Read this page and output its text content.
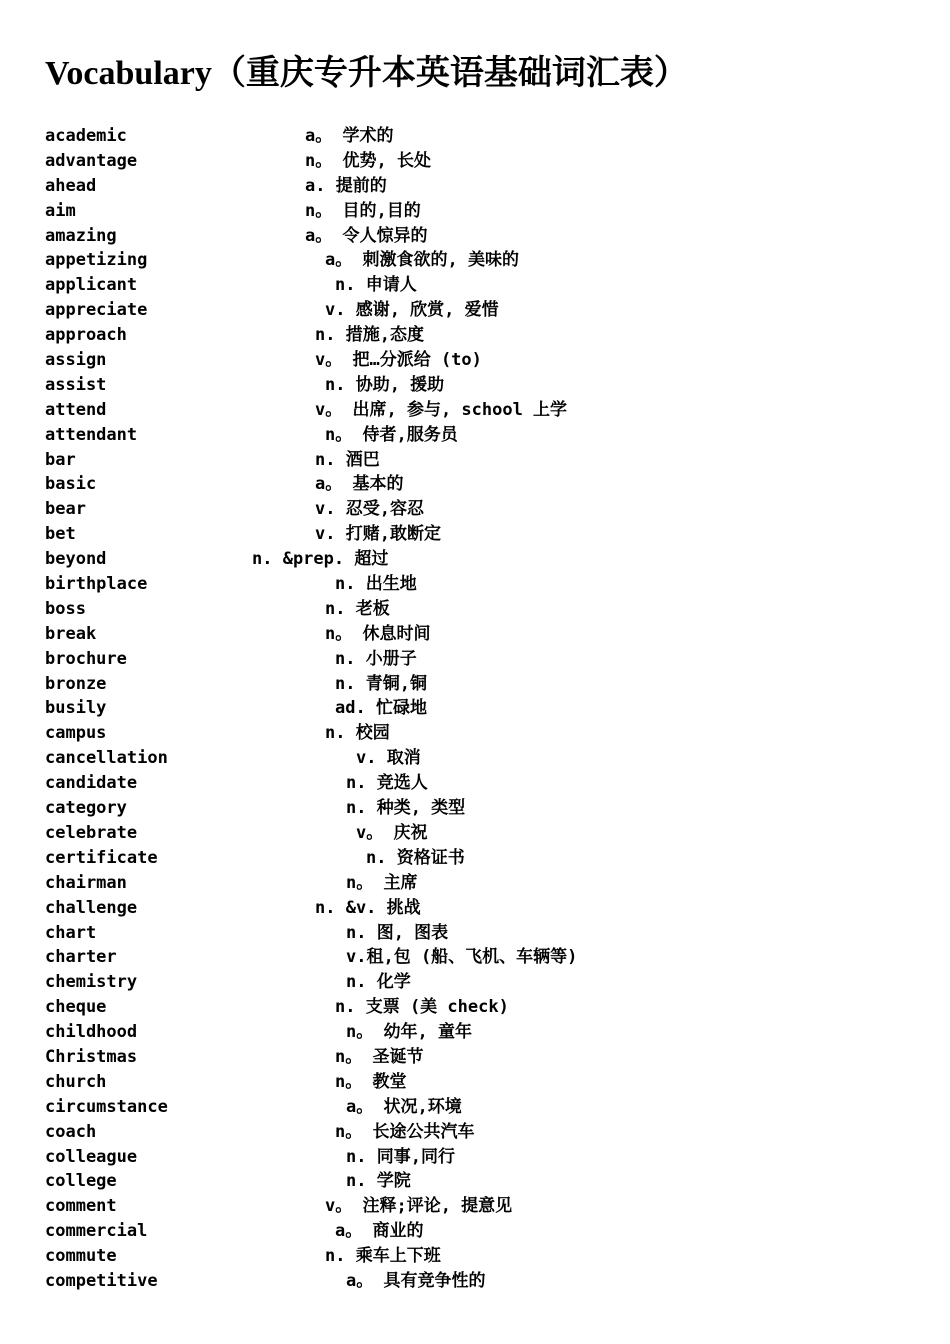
Vocabulary（重庆专升本英语基础词汇表）
academic	a。 学术的
advantage	n。 优势, 长处
ahead	a. 提前的
aim	n。 目的,目的
amazing	a。 令人惊异的
appetizing	a。 刺激食欲的, 美味的
applicant	n. 申请人
appreciate	v. 感谢, 欣赏, 爱惜
approach	n. 措施,态度
assign	v。 把…分派给 (to)
assist	n. 协助, 援助
attend	v。 出席, 参与, school 上学
attendant	n。 侍者,服务员
bar	n. 酒巴
basic	a。 基本的
bear	v. 忍受,容忍
bet	v. 打赌,敢断定
beyond	n. &prep. 超过
birthplace	n. 出生地
boss	n. 老板
break	n。 休息时间
brochure	n. 小册子
bronze	n. 青铜,铜
busily	ad. 忙碌地
campus	n. 校园
cancellation	v. 取消
candidate	n. 竞选人
category	n. 种类, 类型
celebrate	v。 庆祝
certificate	n. 资格证书
chairman	n。 主席
challenge	n. &v. 挑战
chart	n. 图, 图表
charter	v.租,包 (船、飞机、车辆等)
chemistry	n. 化学
cheque	n. 支票 (美 check)
childhood	n。 幼年, 童年
Christmas	n。 圣诞节
church	n。 教堂
circumstance	a。 状况,环境
coach	n。 长途公共汽车
colleague	n. 同事,同行
college	n. 学院
comment	v。 注释;评论, 提意见
commercial	a。 商业的
commute	n. 乘车上下班
competitive	a。 具有竞争性的
